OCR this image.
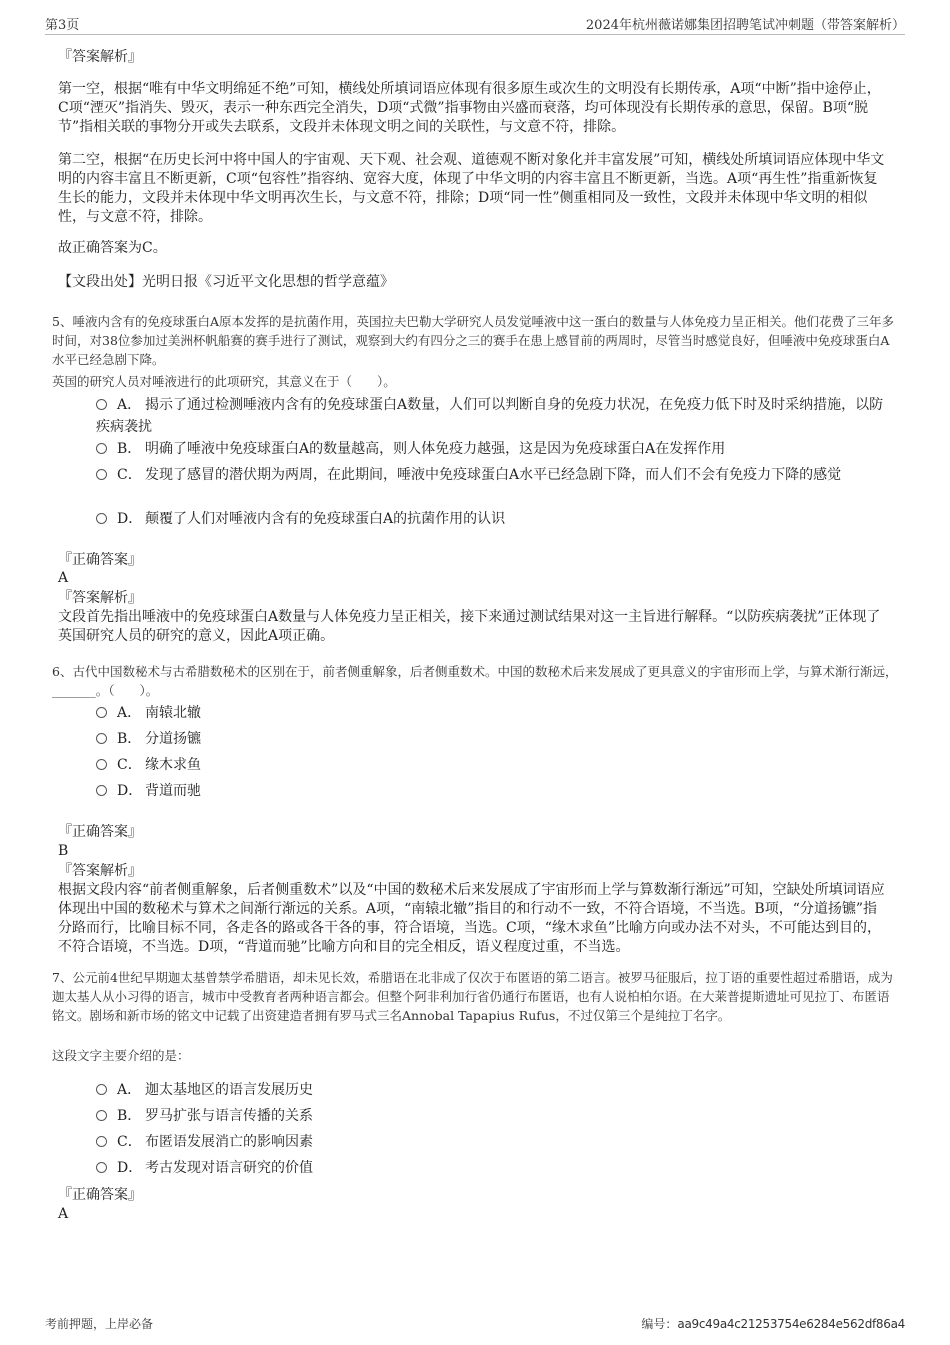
第3页	2024年杭州薇诺娜集团招聘笔试冲刺题（带答案解析）
『答案解析』
第一空，根据“唯有中华文明绵延不绝”可知，横线处所填词语应体现有很多原生或次生的文明没有长期传承，A项“中断”指中途停止，C项“湮灭”指消失、毁灭，表示一种东西完全消失，D项“式微”指事物由兴盛而衰落，均可体现没有长期传承的意思，保留。B项“脱节”指相关联的事物分开或失去联系，文段并未体现文明之间的关联性，与文意不符，排除。
第二空，根据“在历史长河中将中国人的宇宙观、天下观、社会观、道德观不断对象化并丰富发展”可知，横线处所填词语应体现中华文明的内容丰富且不断更新，C项“包容性”指容纳、宽容大度，体现了中华文明的内容丰富且不断更新，当选。A项“再生性”指重新恢复生长的能力，文段并未体现中华文明再次生长，与文意不符，排除；D项“同一性”侧重相同及一致性，文段并未体现中华文明的相似性，与文意不符，排除。
故正确答案为C。
【文段出处】光明日报《习近平文化思想的哲学意蕴》
5、唾液内含有的免疫球蛋白A原本发挥的是抗菌作用，英国拉夫巴勒大学研究人员发觉唾液中这一蛋白的数量与人体免疫力呈正相关。他们花费了三年多时间，对38位参加过美洲杯帆船赛的赛手进行了测试，观察到大约有四分之三的赛手在患上感冒前的两周时，尽管当时感觉良好，但唾液中免疫球蛋白A水平已经急剧下降。
英国的研究人员对唾液进行的此项研究，其意义在于（　　）。
A． 揭示了通过检测唾液内含有的免疫球蛋白A数量，人们可以判断自身的免疫力状况，在免疫力低下时及时采纳措施，以防疾病袭扰
B． 明确了唾液中免疫球蛋白A的数量越高，则人体免疫力越强，这是因为免疫球蛋白A在发挥作用
C． 发现了感冒的潜伏期为两周，在此期间，唾液中免疫球蛋白A水平已经急剧下降，而人们不会有免疫力下降的感觉
D． 颠覆了人们对唾液内含有的免疫球蛋白A的抗菌作用的认识
『正确答案』
A
『答案解析』
文段首先指出唾液中的免疫球蛋白A数量与人体免疫力呈正相关，接下来通过测试结果对这一主旨进行解释。“以防疾病袭扰”正体现了英国研究人员的研究的意义，因此A项正确。
6、古代中国数秘术与古希腊数秘术的区别在于，前者侧重解象，后者侧重数术。中国的数秘术后来发展成了更具意义的宇宙形而上学，与算术渐行渐远，_______。（　　）。
A． 南辕北辙
B． 分道扬镳
C． 缘木求鱼
D． 背道而驰
『正确答案』
B
『答案解析』
根据文段内容“前者侧重解象，后者侧重数术”以及“中国的数秘术后来发展成了宇宙形而上学与算数渐行渐远”可知，空缺处所填词语应体现出中国的数秘术与算术之间渐行渐远的关系。A项，“南辕北辙”指目的和行动不一致，不符合语境，不当选。B项，“分道扬镳”指分路而行，比喻目标不同，各走各的路或各干各的事，符合语境，当选。C项，“缘木求鱼”比喻方向或办法不对头，不可能达到目的，不符合语境，不当选。D项，“背道而驰”比喻方向和目的完全相反，语义程度过重，不当选。
7、公元前4世纪早期迦太基曾禁学希腊语，却未见长效，希腊语在北非成了仅次于布匿语的第二语言。被罗马征服后，拉丁语的重要性超过希腊语，成为迦太基人从小习得的语言，城市中受教育者两种语言都会。但整个阿非利加行省仍通行布匿语，也有人说柏柏尔语。在大莱普提斯遗址可见拉丁、布匿语铭文。剧场和新市场的铭文中记载了出资建造者拥有罗马式三名Annobal Tapapius Rufus，不过仅第三个是纯拉丁名字。
这段文字主要介绍的是：
A． 迦太基地区的语言发展历史
B． 罗马扩张与语言传播的关系
C． 布匿语发展消亡的影响因素
D． 考古发现对语言研究的价值
『正确答案』
A
考前押题，上岸必备	编号：aa9c49a4c21253754e6284e562df86a4
